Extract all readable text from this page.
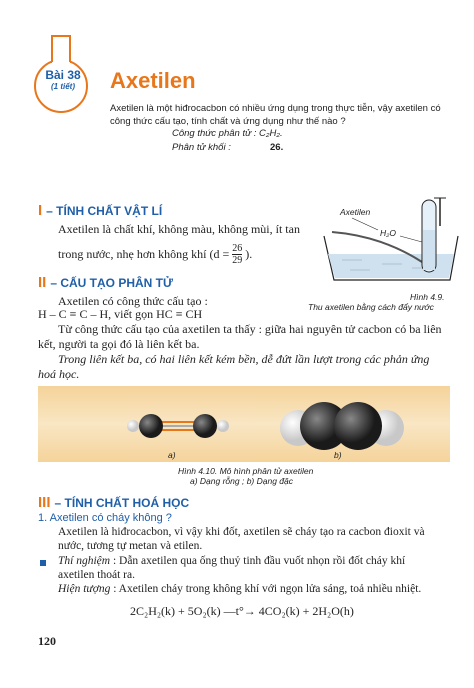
Bài 38
(1 tiết)	Axetilen
Axetilen là một hiđrocacbon có nhiều ứng dụng trong thực tiễn, vậy axetilen có công thức cấu tạo, tính chất và ứng dụng như thế nào ?
Công thức phân tử : C₂H₂.
Phân tử khối :	26.
I – TÍNH CHẤT VẬT LÍ
Axetilen là chất khí, không màu, không mùi, ít tan
trong nước, nhẹ hơn không khí ($d = \frac{26}{29}$ ).
Axetilen
H₂O
Hình 4.9.
Thu axetilen bằng cách đẩy nước
II – CẤU TẠO PHÂN TỬ
Axetilen có công thức cấu tạo :
H – C ≡ C – H, viết gọn HC ≡ CH
Từ công thức cấu tạo của axetilen ta thấy : giữa hai nguyên tử cacbon có ba liên
kết, người ta gọi đó là liên kết ba.
Trong liên kết ba, có hai liên kết kém bền, dễ đứt lần lượt trong các phản ứng
hoá học.
a)	b)
Hình 4.10. Mô hình phân tử axetilen
a) Dạng rỗng ; b) Dạng đặc
III – TÍNH CHẤT HOÁ HỌC
1. Axetilen có cháy không ?
Axetilen là hiđrocacbon, vì vậy khi đốt, axetilen sẽ cháy tạo ra cacbon đioxit và
nước, tương tự metan và etilen.
Thí nghiệm : Dẫn axetilen qua ống thuỷ tinh đầu vuốt nhọn rồi đốt cháy khí
axetilen thoát ra.
Hiện tượng : Axetilen cháy trong không khí với ngọn lửa sáng, toả nhiều nhiệt.
2C₂H₂(k) + 5O₂(k) —t°→ 4CO₂(k) + 2H₂O(h)
120
